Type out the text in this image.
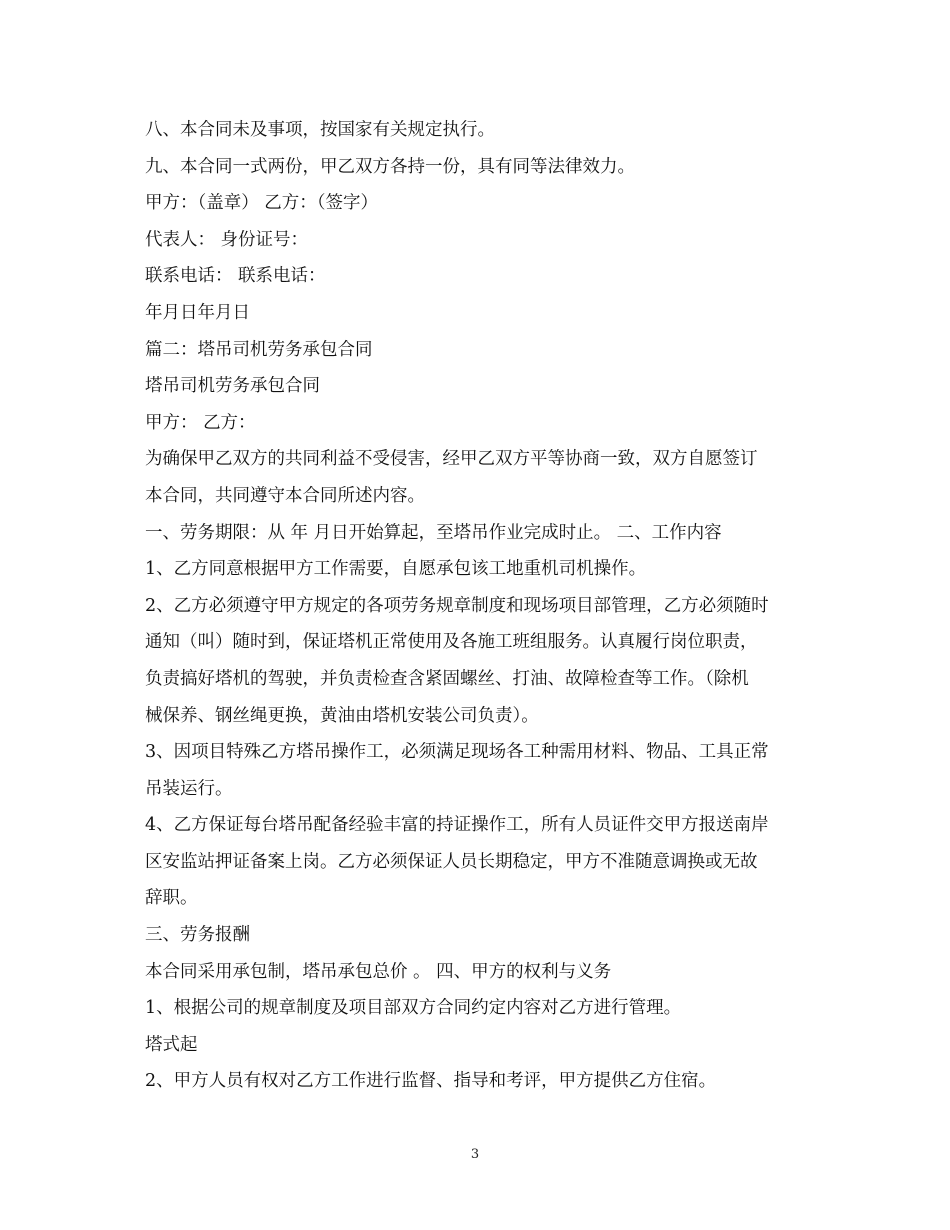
八、本合同未及事项，按国家有关规定执行。
九、本合同一式两份，甲乙双方各持一份，具有同等法律效力。
甲方：（盖章） 乙方：（签字）
代表人： 身份证号：
联系电话： 联系电话：
年月日年月日
篇二：塔吊司机劳务承包合同
塔吊司机劳务承包合同
甲方： 乙方：
为确保甲乙双方的共同利益不受侵害，经甲乙双方平等协商一致，双方自愿签订
本合同，共同遵守本合同所述内容。
一、劳务期限：从 年 月日开始算起，至塔吊作业完成时止。 二、工作内容
1、乙方同意根据甲方工作需要，自愿承包该工地重机司机操作。
2、乙方必须遵守甲方规定的各项劳务规章制度和现场项目部管理，乙方必须随时
通知（叫）随时到，保证塔机正常使用及各施工班组服务。认真履行岗位职责，
负责搞好塔机的驾驶，并负责检查含紧固螺丝、打油、故障检查等工作。（除机
械保养、钢丝绳更换，黄油由塔机安装公司负责）。
3、因项目特殊乙方塔吊操作工，必须满足现场各工种需用材料、物品、工具正常
吊装运行。
4、乙方保证每台塔吊配备经验丰富的持证操作工，所有人员证件交甲方报送南岸
区安监站押证备案上岗。乙方必须保证人员长期稳定，甲方不准随意调换或无故
辞职。
三、劳务报酬
本合同采用承包制，塔吊承包总价 。 四、甲方的权利与义务
1、根据公司的规章制度及项目部双方合同约定内容对乙方进行管理。
塔式起
2、甲方人员有权对乙方工作进行监督、指导和考评，甲方提供乙方住宿。
3
